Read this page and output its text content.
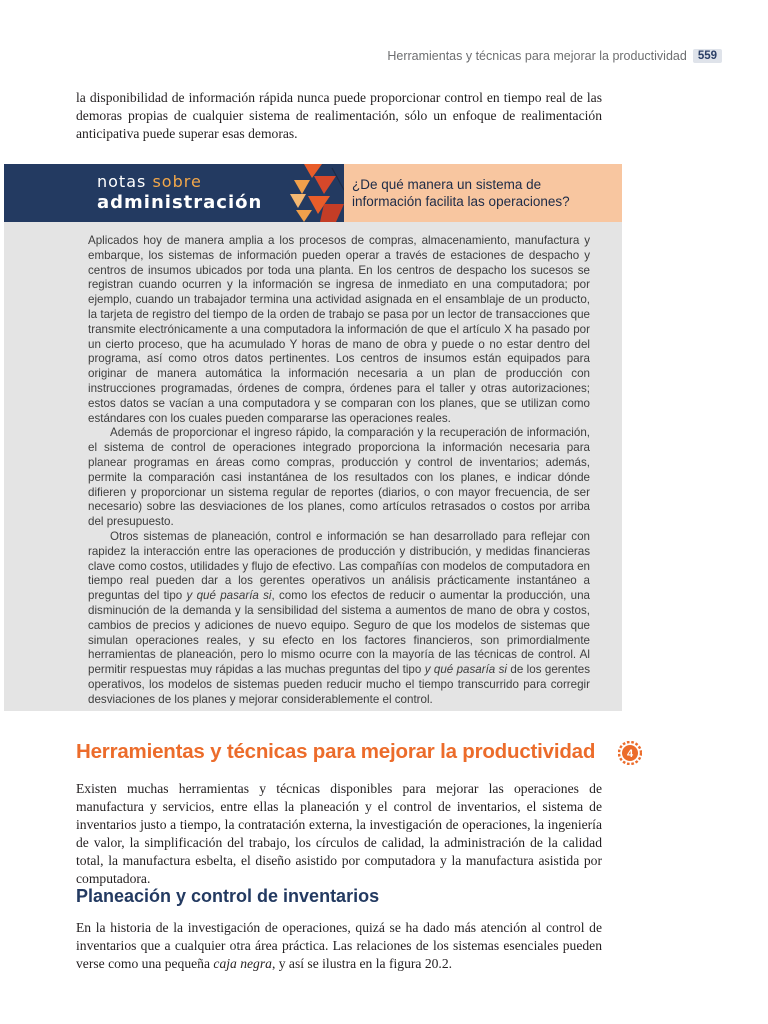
Herramientas y técnicas para mejorar la productividad 559

la disponibilidad de información rápida nunca puede proporcionar control en tiempo real de las demoras propias de cualquier sistema de realimentación, sólo un enfoque de realimentación anticipativa puede superar esas demoras.

notas sobre
administración
¿De qué manera un sistema de
información facilita las operaciones?

Aplicados hoy de manera amplia a los procesos de compras, almacenamiento, manufactura y embarque, los sistemas de información pueden operar a través de estaciones de despacho y centros de insumos ubicados por toda una planta. En los centros de despacho los sucesos se registran cuando ocurren y la información se ingresa de inmediato en una computadora; por ejemplo, cuando un trabajador termina una actividad asignada en el ensamblaje de un producto, la tarjeta de registro del tiempo de la orden de trabajo se pasa por un lector de transacciones que transmite electrónicamente a una computadora la información de que el artículo X ha pasado por un cierto proceso, que ha acumulado Y horas de mano de obra y puede o no estar dentro del programa, así como otros datos pertinentes. Los centros de insumos están equipados para originar de manera automática la información necesaria a un plan de producción con instrucciones programadas, órdenes de compra, órdenes para el taller y otras autorizaciones; estos datos se vacían a una computadora y se comparan con los planes, que se utilizan como estándares con los cuales pueden compararse las operaciones reales.

Además de proporcionar el ingreso rápido, la comparación y la recuperación de información, el sistema de control de operaciones integrado proporciona la información necesaria para planear programas en áreas como compras, producción y control de inventarios; además, permite la comparación casi instantánea de los resultados con los planes, e indicar dónde difieren y proporcionar un sistema regular de reportes (diarios, o con mayor frecuencia, de ser necesario) sobre las desviaciones de los planes, como artículos retrasados o costos por arriba del presupuesto.

Otros sistemas de planeación, control e información se han desarrollado para reflejar con rapidez la interacción entre las operaciones de producción y distribución, y medidas financieras clave como costos, utilidades y flujo de efectivo. Las compañías con modelos de computadora en tiempo real pueden dar a los gerentes operativos un análisis prácticamente instantáneo a preguntas del tipo y qué pasaría si, como los efectos de reducir o aumentar la producción, una disminución de la demanda y la sensibilidad del sistema a aumentos de mano de obra y costos, cambios de precios y adiciones de nuevo equipo. Seguro de que los modelos de sistemas que simulan operaciones reales, y su efecto en los factores financieros, son primordialmente herramientas de planeación, pero lo mismo ocurre con la mayoría de las técnicas de control. Al permitir respuestas muy rápidas a las muchas preguntas del tipo y qué pasaría si de los gerentes operativos, los modelos de sistemas pueden reducir mucho el tiempo transcurrido para corregir desviaciones de los planes y mejorar considerablemente el control.

Herramientas y técnicas para mejorar la productividad	4

Existen muchas herramientas y técnicas disponibles para mejorar las operaciones de manufactura y servicios, entre ellas la planeación y el control de inventarios, el sistema de inventarios justo a tiempo, la contratación externa, la investigación de operaciones, la ingeniería de valor, la simplificación del trabajo, los círculos de calidad, la administración de la calidad total, la manufactura esbelta, el diseño asistido por computadora y la manufactura asistida por computadora.

Planeación y control de inventarios

En la historia de la investigación de operaciones, quizá se ha dado más atención al control de inventarios que a cualquier otra área práctica. Las relaciones de los sistemas esenciales pueden verse como una pequeña caja negra, y así se ilustra en la figura 20.2.
